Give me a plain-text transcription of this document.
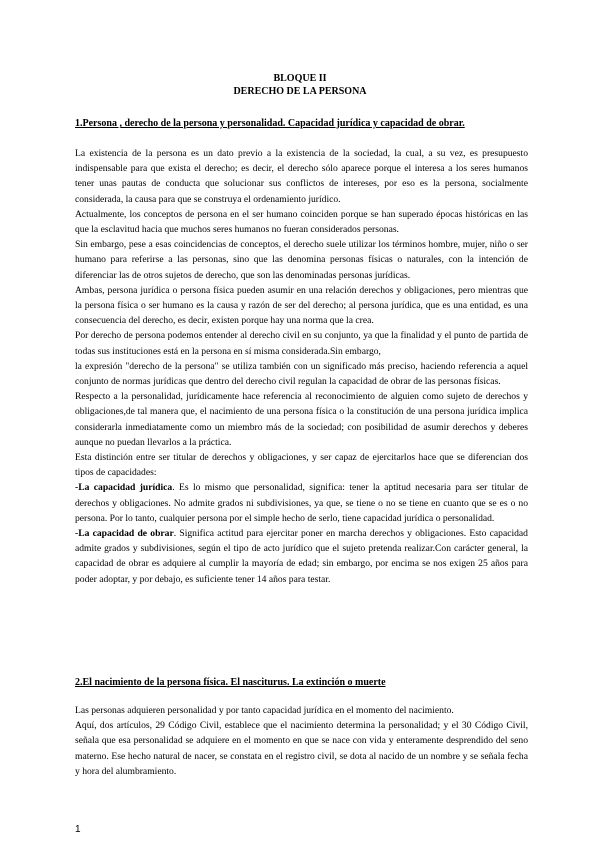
BLOQUE II
DERECHO DE LA PERSONA
1.Persona , derecho de la persona y personalidad. Capacidad jurídica y capacidad de obrar.

La existencia de la persona es un dato previo a la existencia de la sociedad, la cual, a su vez, es presupuesto indispensable para que exista el derecho; es decir, el derecho sólo aparece porque el interesa a los seres humanos tener unas pautas de conducta que solucionar sus conflictos de intereses, por eso es la persona, socialmente considerada, la causa para que se construya el ordenamiento jurídico.

Actualmente, los conceptos de persona en el ser humano coinciden porque se han superado épocas históricas en las que la esclavitud hacia que muchos seres humanos no fueran considerados personas.

Sin embargo, pese a esas coincidencias de conceptos, el derecho suele utilizar los términos hombre, mujer, niño o ser humano para referirse a las personas, sino que las denomina personas físicas o naturales, con la intención de diferenciar las de otros sujetos de derecho, que son las denominadas personas jurídicas.

Ambas, persona jurídica o persona física pueden asumir en una relación derechos y obligaciones, pero mientras que la persona física o ser humano es la causa y razón de ser del derecho; al persona jurídica, que es una entidad, es una consecuencia del derecho, es decir, existen porque hay una norma que la crea.

Por derecho de persona podemos entender al derecho civil en su conjunto, ya que la finalidad y el punto de partida de todas sus instituciones está en la persona en sí misma considerada.Sin embargo,

la expresión "derecho de la persona" se utiliza también con un significado más preciso, haciendo referencia a aquel conjunto de normas jurídicas que dentro del derecho civil regulan la capacidad de obrar de las personas físicas.

Respecto a la personalidad, jurídicamente hace referencia al reconocimiento de alguien como sujeto de derechos y obligaciones,de tal manera que, el nacimiento de una persona física o la constitución de una persona jurídica implica considerarla inmediatamente como un miembro más de la sociedad; con posibilidad de asumir derechos y deberes aunque no puedan llevarlos a la práctica.

Esta distinción entre ser titular de derechos y obligaciones, y ser capaz de ejercitarlos hace que se diferencian dos tipos de capacidades:

-La capacidad jurídica. Es lo mismo que personalidad, significa: tener la aptitud necesaria para ser titular de derechos y obligaciones. No admite grados ni subdivisiones, ya que, se tiene o no se tiene en cuanto que se es o no persona. Por lo tanto, cualquier persona por el simple hecho de serlo, tiene capacidad jurídica o personalidad.

-La capacidad de obrar. Significa actitud para ejercitar poner en marcha derechos y obligaciones. Esto capacidad admite grados y subdivisiones, según el tipo de acto jurídico que el sujeto pretenda realizar.Con carácter general, la capacidad de obrar es adquiere al cumplir la mayoría de edad; sin embargo, por encima se nos exigen 25 años para poder adoptar, y por debajo, es suficiente tener 14 años para testar.

2.El nacimiento de la persona física. El nasciturus. La extinción o muerte

Las personas adquieren personalidad y por tanto capacidad jurídica en el momento del nacimiento.

Aquí, dos artículos, 29 Código Civil, establece que el nacimiento determina la personalidad; y el 30 Código Civil, señala que esa personalidad se adquiere en el momento en que se nace con vida y enteramente desprendido del seno materno. Ese hecho natural de nacer, se constata en el registro civil, se dota al nacido de un nombre y se señala fecha y hora del alumbramiento.

1
